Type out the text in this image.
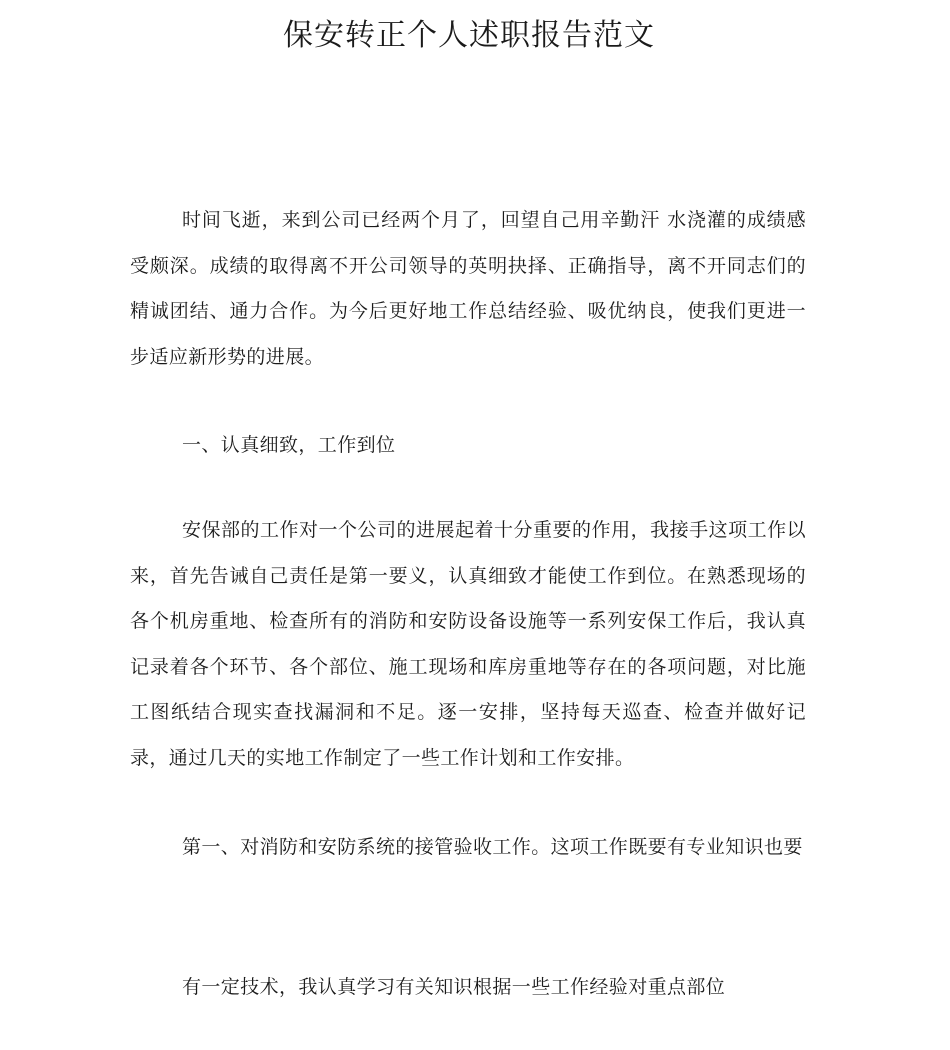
保安转正个人述职报告范文

时间飞逝，来到公司已经两个月了，回望自己用辛勤汗 水浇灌的成绩感受颇深。成绩的取得离不开公司领导的英明抉择、正确指导，离不开同志们的精诚团结、通力合作。为今后更好地工作总结经验、吸优纳良，使我们更进一步适应新形势的进展。

一、认真细致，工作到位

安保部的工作对一个公司的进展起着十分重要的作用，我接手这项工作以来，首先告诫自己责任是第一要义，认真细致才能使工作到位。在熟悉现场的各个机房重地、检查所有的消防和安防设备设施等一系列安保工作后，我认真记录着各个环节、各个部位、施工现场和库房重地等存在的各项问题，对比施工图纸结合现实查找漏洞和不足。逐一安排，坚持每天巡查、检查并做好记录，通过几天的实地工作制定了一些工作计划和工作安排。

第一、对消防和安防系统的接管验收工作。这项工作既要有专业知识也要

有一定技术，我认真学习有关知识根据一些工作经验对重点部位
